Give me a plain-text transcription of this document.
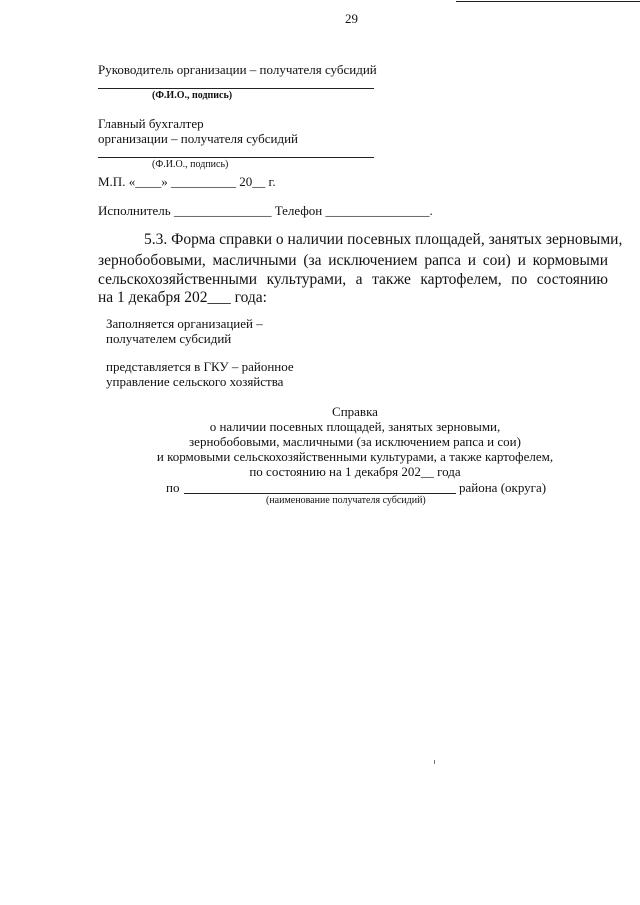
29
Руководитель организации – получателя субсидий
(Ф.И.О., подпись)
Главный бухгалтер
организации – получателя субсидий
(Ф.И.О., подпись)
М.П. «____» __________ 20__ г.
Исполнитель _______________ Телефон ________________.
5.3. Форма справки о наличии посевных площадей, занятых зерновыми,
зернобобовыми, масличными (за исключением рапса и сои) и кормовыми
сельскохозяйственными культурами, а также картофелем, по состоянию
на 1 декабря 202___ года:
Заполняется организацией –
получателем субсидий
представляется в ГКУ – районное
управление сельского хозяйства
Справка
о наличии посевных площадей, занятых зерновыми,
зернобобовыми, масличными (за исключением рапса и сои)
и кормовыми сельскохозяйственными культурами, а также картофелем,
по состоянию на 1 декабря 202__ года
по	района (округа)
(наименование получателя субсидий)
